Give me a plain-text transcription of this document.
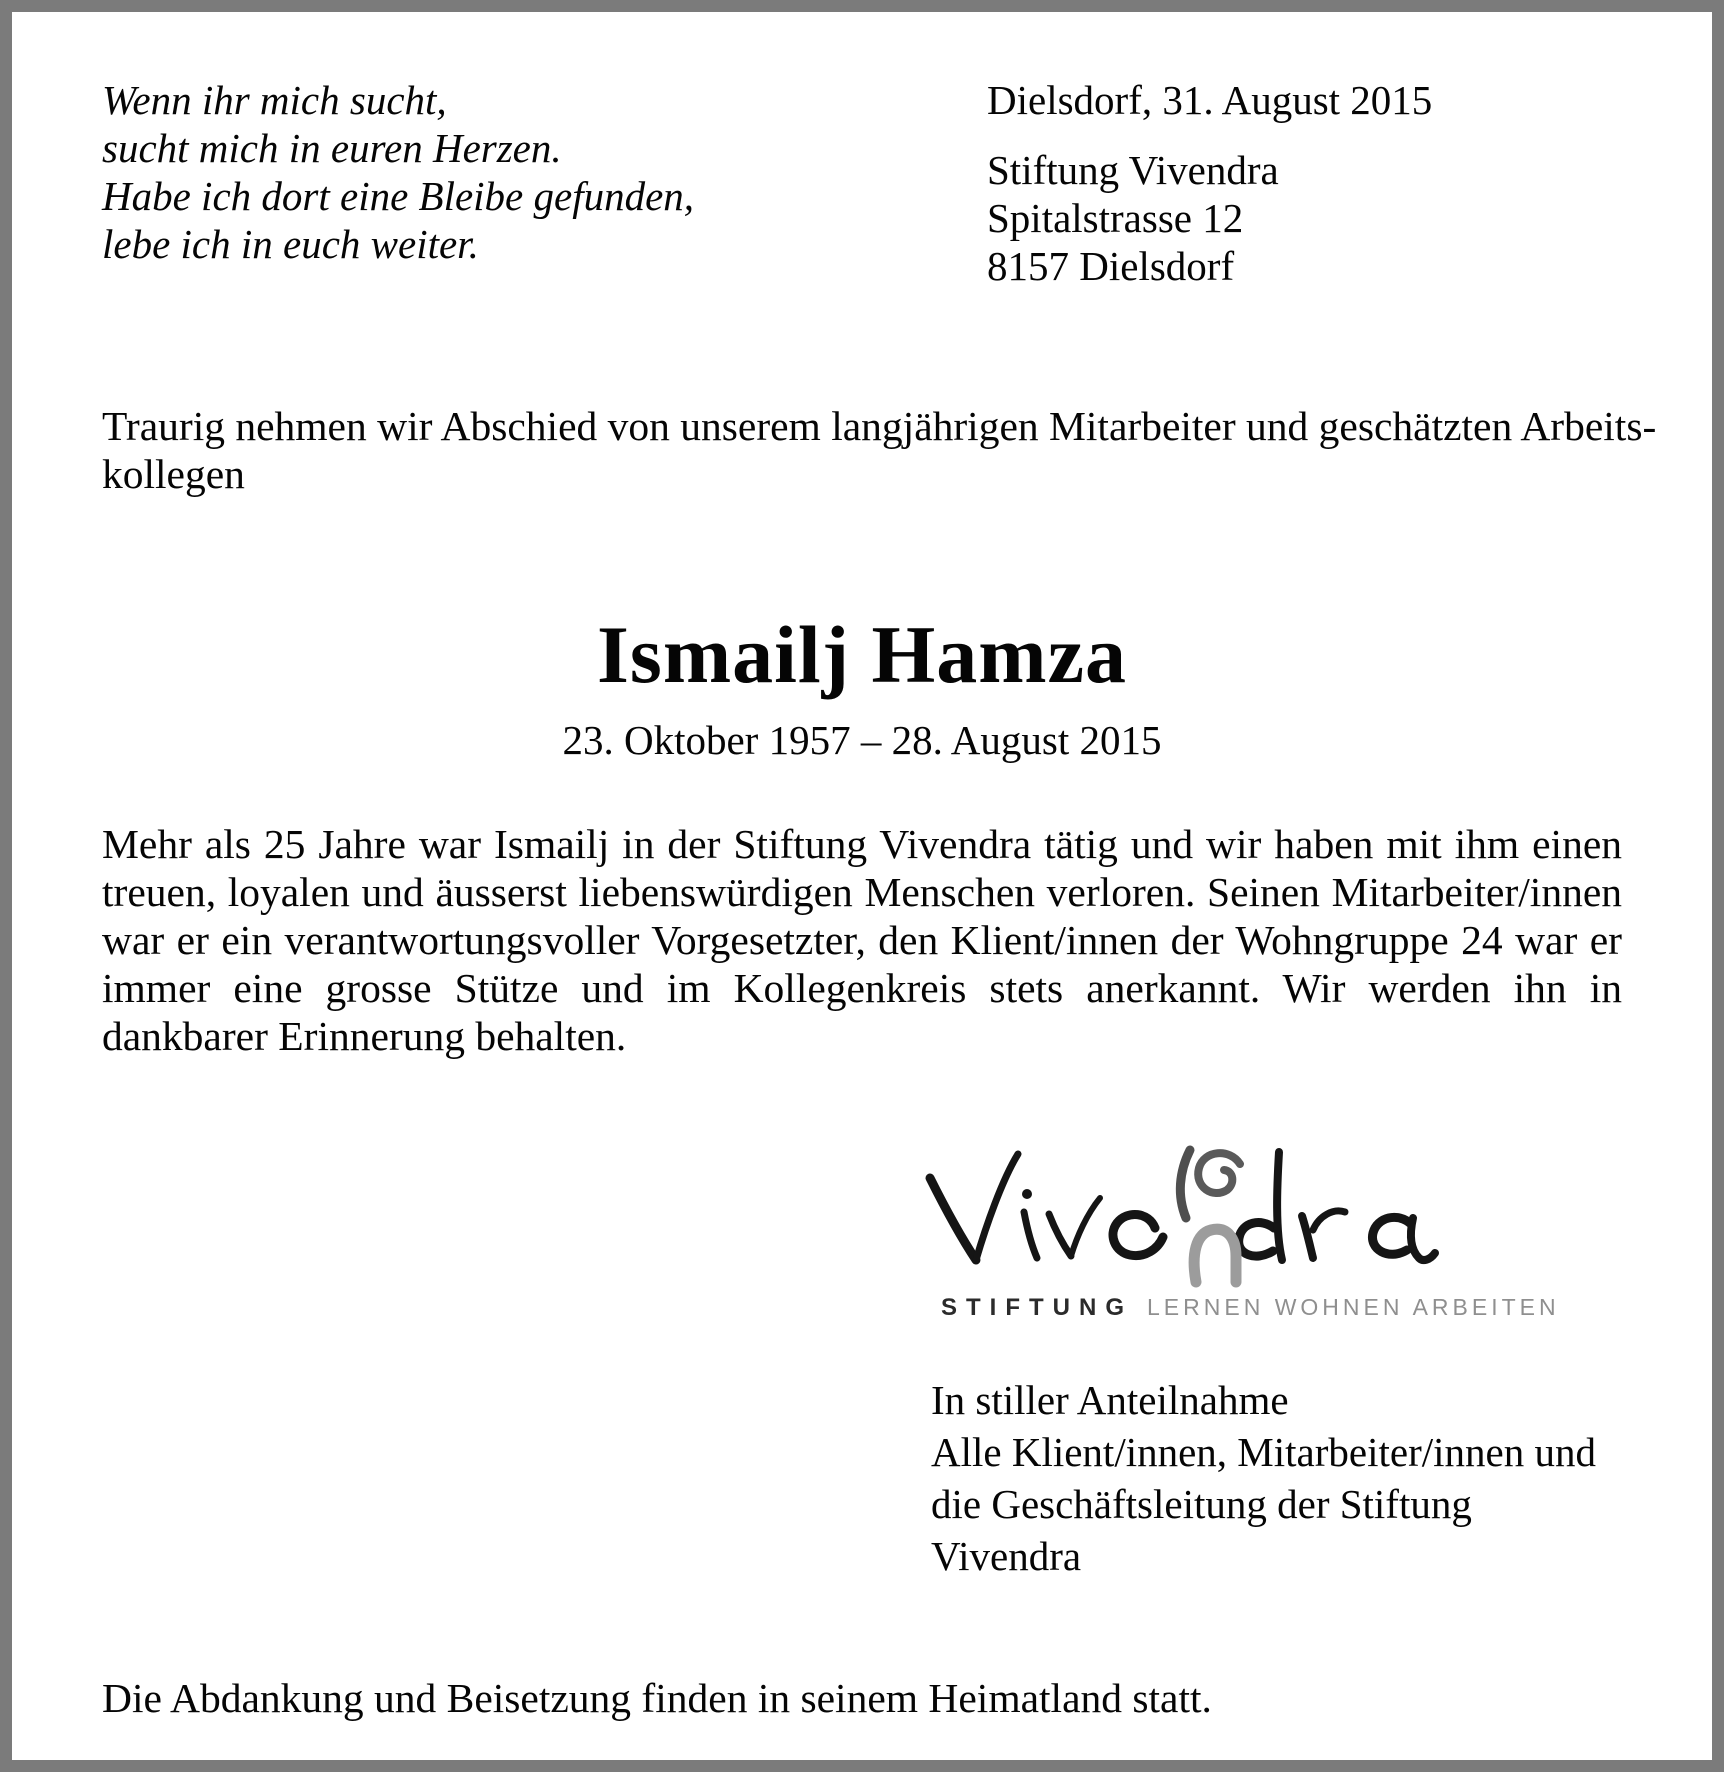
Wenn ihr mich sucht,
sucht mich in euren Herzen.
Habe ich dort eine Bleibe gefunden,
lebe ich in euch weiter.
Dielsdorf, 31. August 2015
Stiftung Vivendra
Spitalstrasse 12
8157 Dielsdorf
Traurig nehmen wir Abschied von unserem langjährigen Mitarbeiter und geschätzten Arbeits-
kollegen
Ismailj Hamza
23. Oktober 1957 – 28. August 2015

Mehr als 25 Jahre war Ismailj in der Stiftung Vivendra tätig und wir haben mit ihm einen treuen, loyalen und äusserst liebenswürdigen Menschen verloren. Seinen Mitarbeiter/innen war er ein verantwortungsvoller Vorgesetzter, den Klient/innen der Wohngruppe 24 war er immer eine grosse Stütze und im Kollegenkreis stets anerkannt. Wir werden ihn in dankbarer Erinnerung behalten.

STIFTUNG LERNEN WOHNEN ARBEITEN
In stiller Anteilnahme
Alle Klient/innen, Mitarbeiter/innen und
die Geschäftsleitung der Stiftung Vivendra
Die Abdankung und Beisetzung finden in seinem Heimatland statt.
